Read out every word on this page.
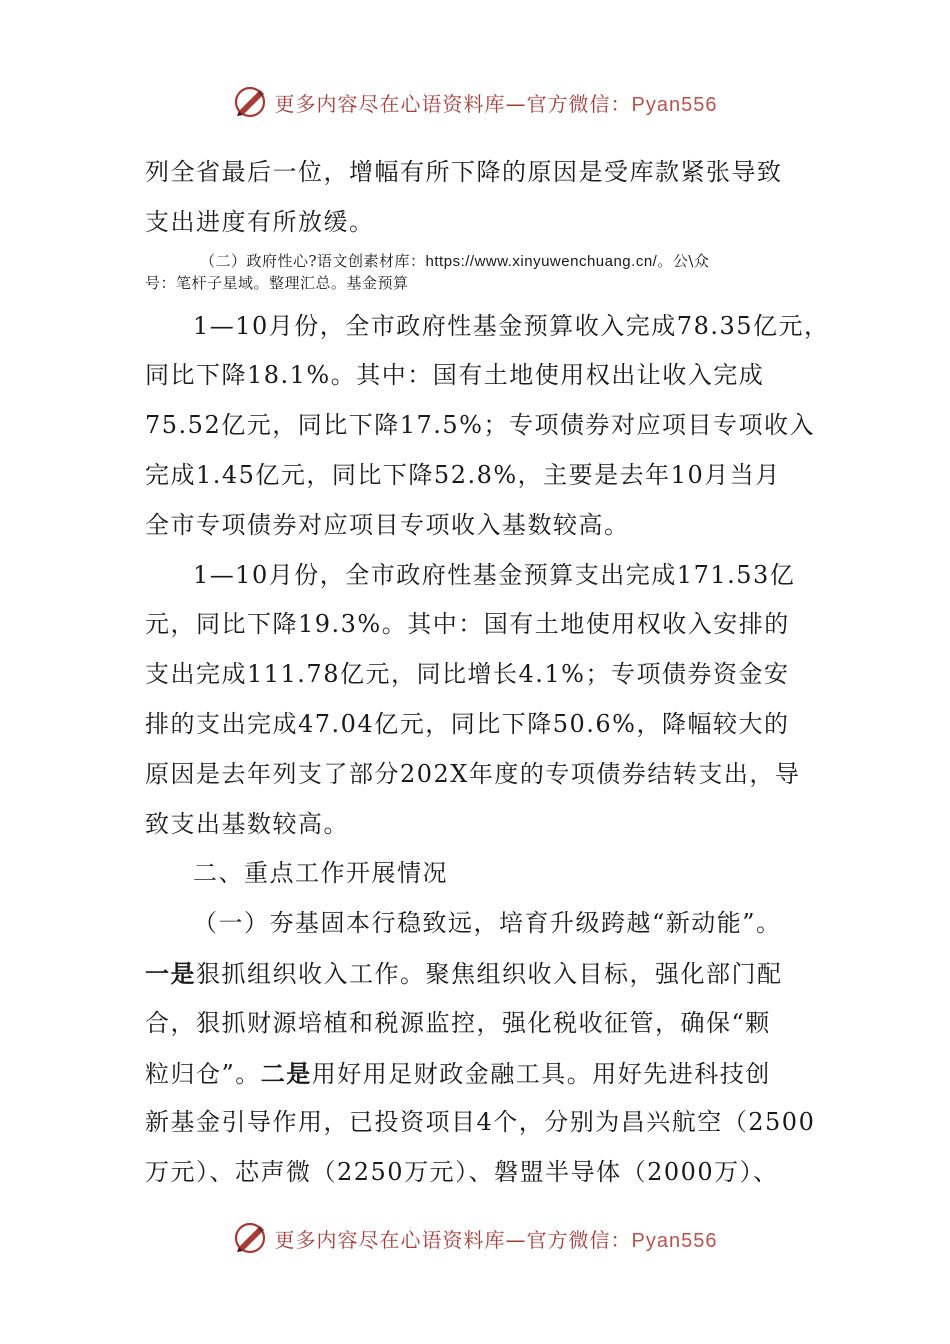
更多内容尽在心语资料库—官方微信：Pyan556
列全省最后一位，增幅有所下降的原因是受库款紧张导致
支出进度有所放缓。
（二）政府性心?语文创素材库：https://www.xinyuwenchuang.cn/。公\众
号：笔杆子星域。整理汇总。基金预算
1—10月份，全市政府性基金预算收入完成78.35亿元，
同比下降18.1%。其中：国有土地使用权出让收入完成
75.52亿元，同比下降17.5%；专项债券对应项目专项收入
完成1.45亿元，同比下降52.8%，主要是去年10月当月
全市专项债券对应项目专项收入基数较高。
1—10月份，全市政府性基金预算支出完成171.53亿
元，同比下降19.3%。其中：国有土地使用权收入安排的
支出完成111.78亿元，同比增长4.1%；专项债券资金安
排的支出完成47.04亿元，同比下降50.6%，降幅较大的
原因是去年列支了部分202X年度的专项债券结转支出，导
致支出基数较高。
二、重点工作开展情况
（一）夯基固本行稳致远，培育升级跨越“新动能”。
一是狠抓组织收入工作。聚焦组织收入目标，强化部门配
合，狠抓财源培植和税源监控，强化税收征管，确保“颗
粒归仓”。二是用好用足财政金融工具。用好先进科技创
新基金引导作用，已投资项目4个，分别为昌兴航空（2500
万元）、芯声微（2250万元）、磐盟半导体（2000万）、
更多内容尽在心语资料库—官方微信：Pyan556
